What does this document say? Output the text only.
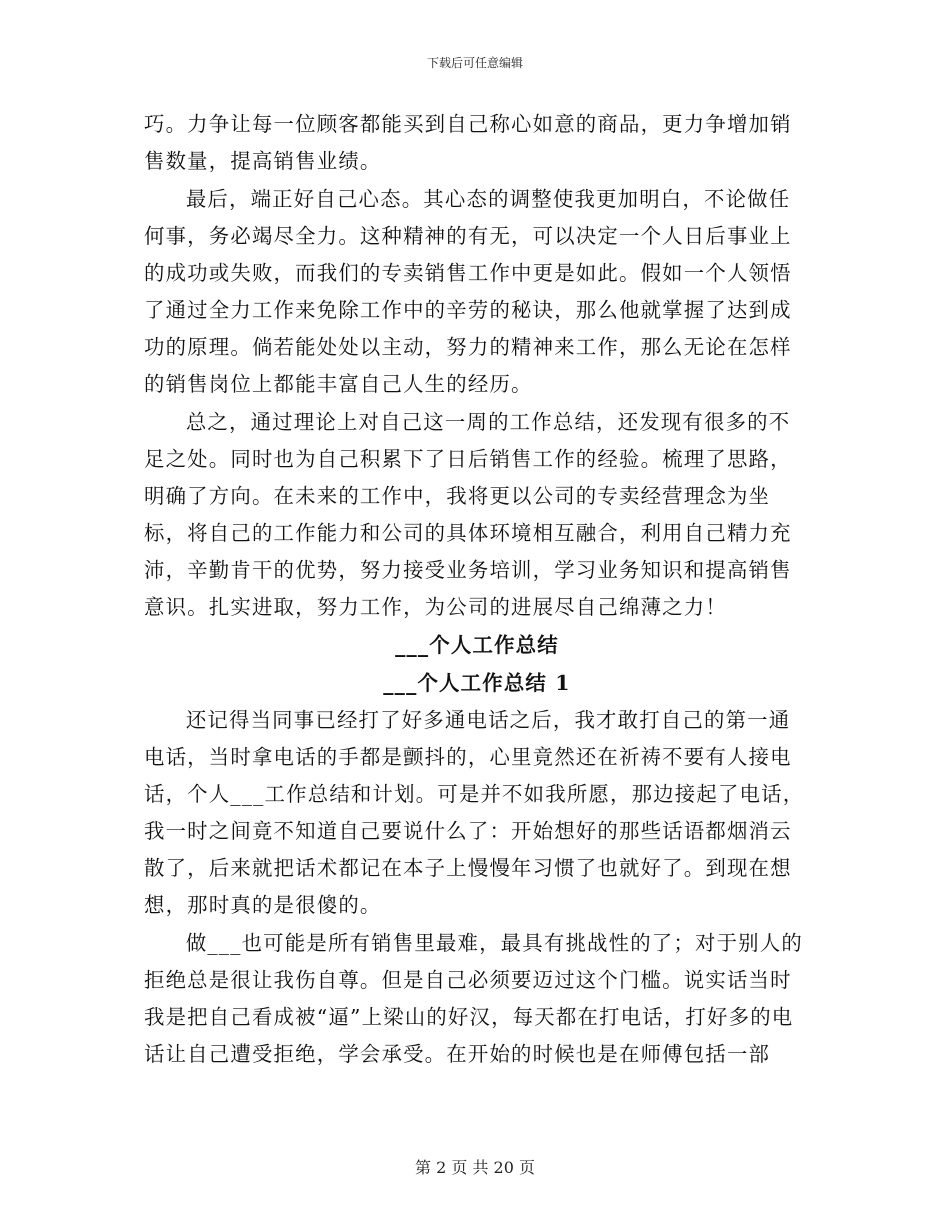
下载后可任意编辑

巧。力争让每一位顾客都能买到自己称心如意的商品，更力争增加销售数量，提高销售业绩。

最后，端正好自己心态。其心态的调整使我更加明白，不论做任何事，务必竭尽全力。这种精神的有无，可以决定一个人日后事业上的成功或失败，而我们的专卖销售工作中更是如此。假如一个人领悟了通过全力工作来免除工作中的辛劳的秘诀，那么他就掌握了达到成功的原理。倘若能处处以主动，努力的精神来工作，那么无论在怎样的销售岗位上都能丰富自己人生的经历。

总之，通过理论上对自己这一周的工作总结，还发现有很多的不足之处。同时也为自己积累下了日后销售工作的经验。梳理了思路，明确了方向。在未来的工作中，我将更以公司的专卖经营理念为坐标，将自己的工作能力和公司的具体环境相互融合，利用自己精力充沛，辛勤肯干的优势，努力接受业务培训，学习业务知识和提高销售意识。扎实进取，努力工作，为公司的进展尽自己绵薄之力！

___个人工作总结
___个人工作总结 1

还记得当同事已经打了好多通电话之后，我才敢打自己的第一通电话，当时拿电话的手都是颤抖的，心里竟然还在祈祷不要有人接电话，个人___工作总结和计划。可是并不如我所愿，那边接起了电话，我一时之间竟不知道自己要说什么了：开始想好的那些话语都烟消云散了，后来就把话术都记在本子上慢慢年习惯了也就好了。到现在想想，那时真的是很傻的。

做___也可能是所有销售里最难，最具有挑战性的了；对于别人的拒绝总是很让我伤自尊。但是自己必须要迈过这个门槛。说实话当时我是把自己看成被“逼”上梁山的好汉，每天都在打电话，打好多的电话让自己遭受拒绝，学会承受。在开始的时候也是在师傅包括一部

第 2 页 共 20 页
